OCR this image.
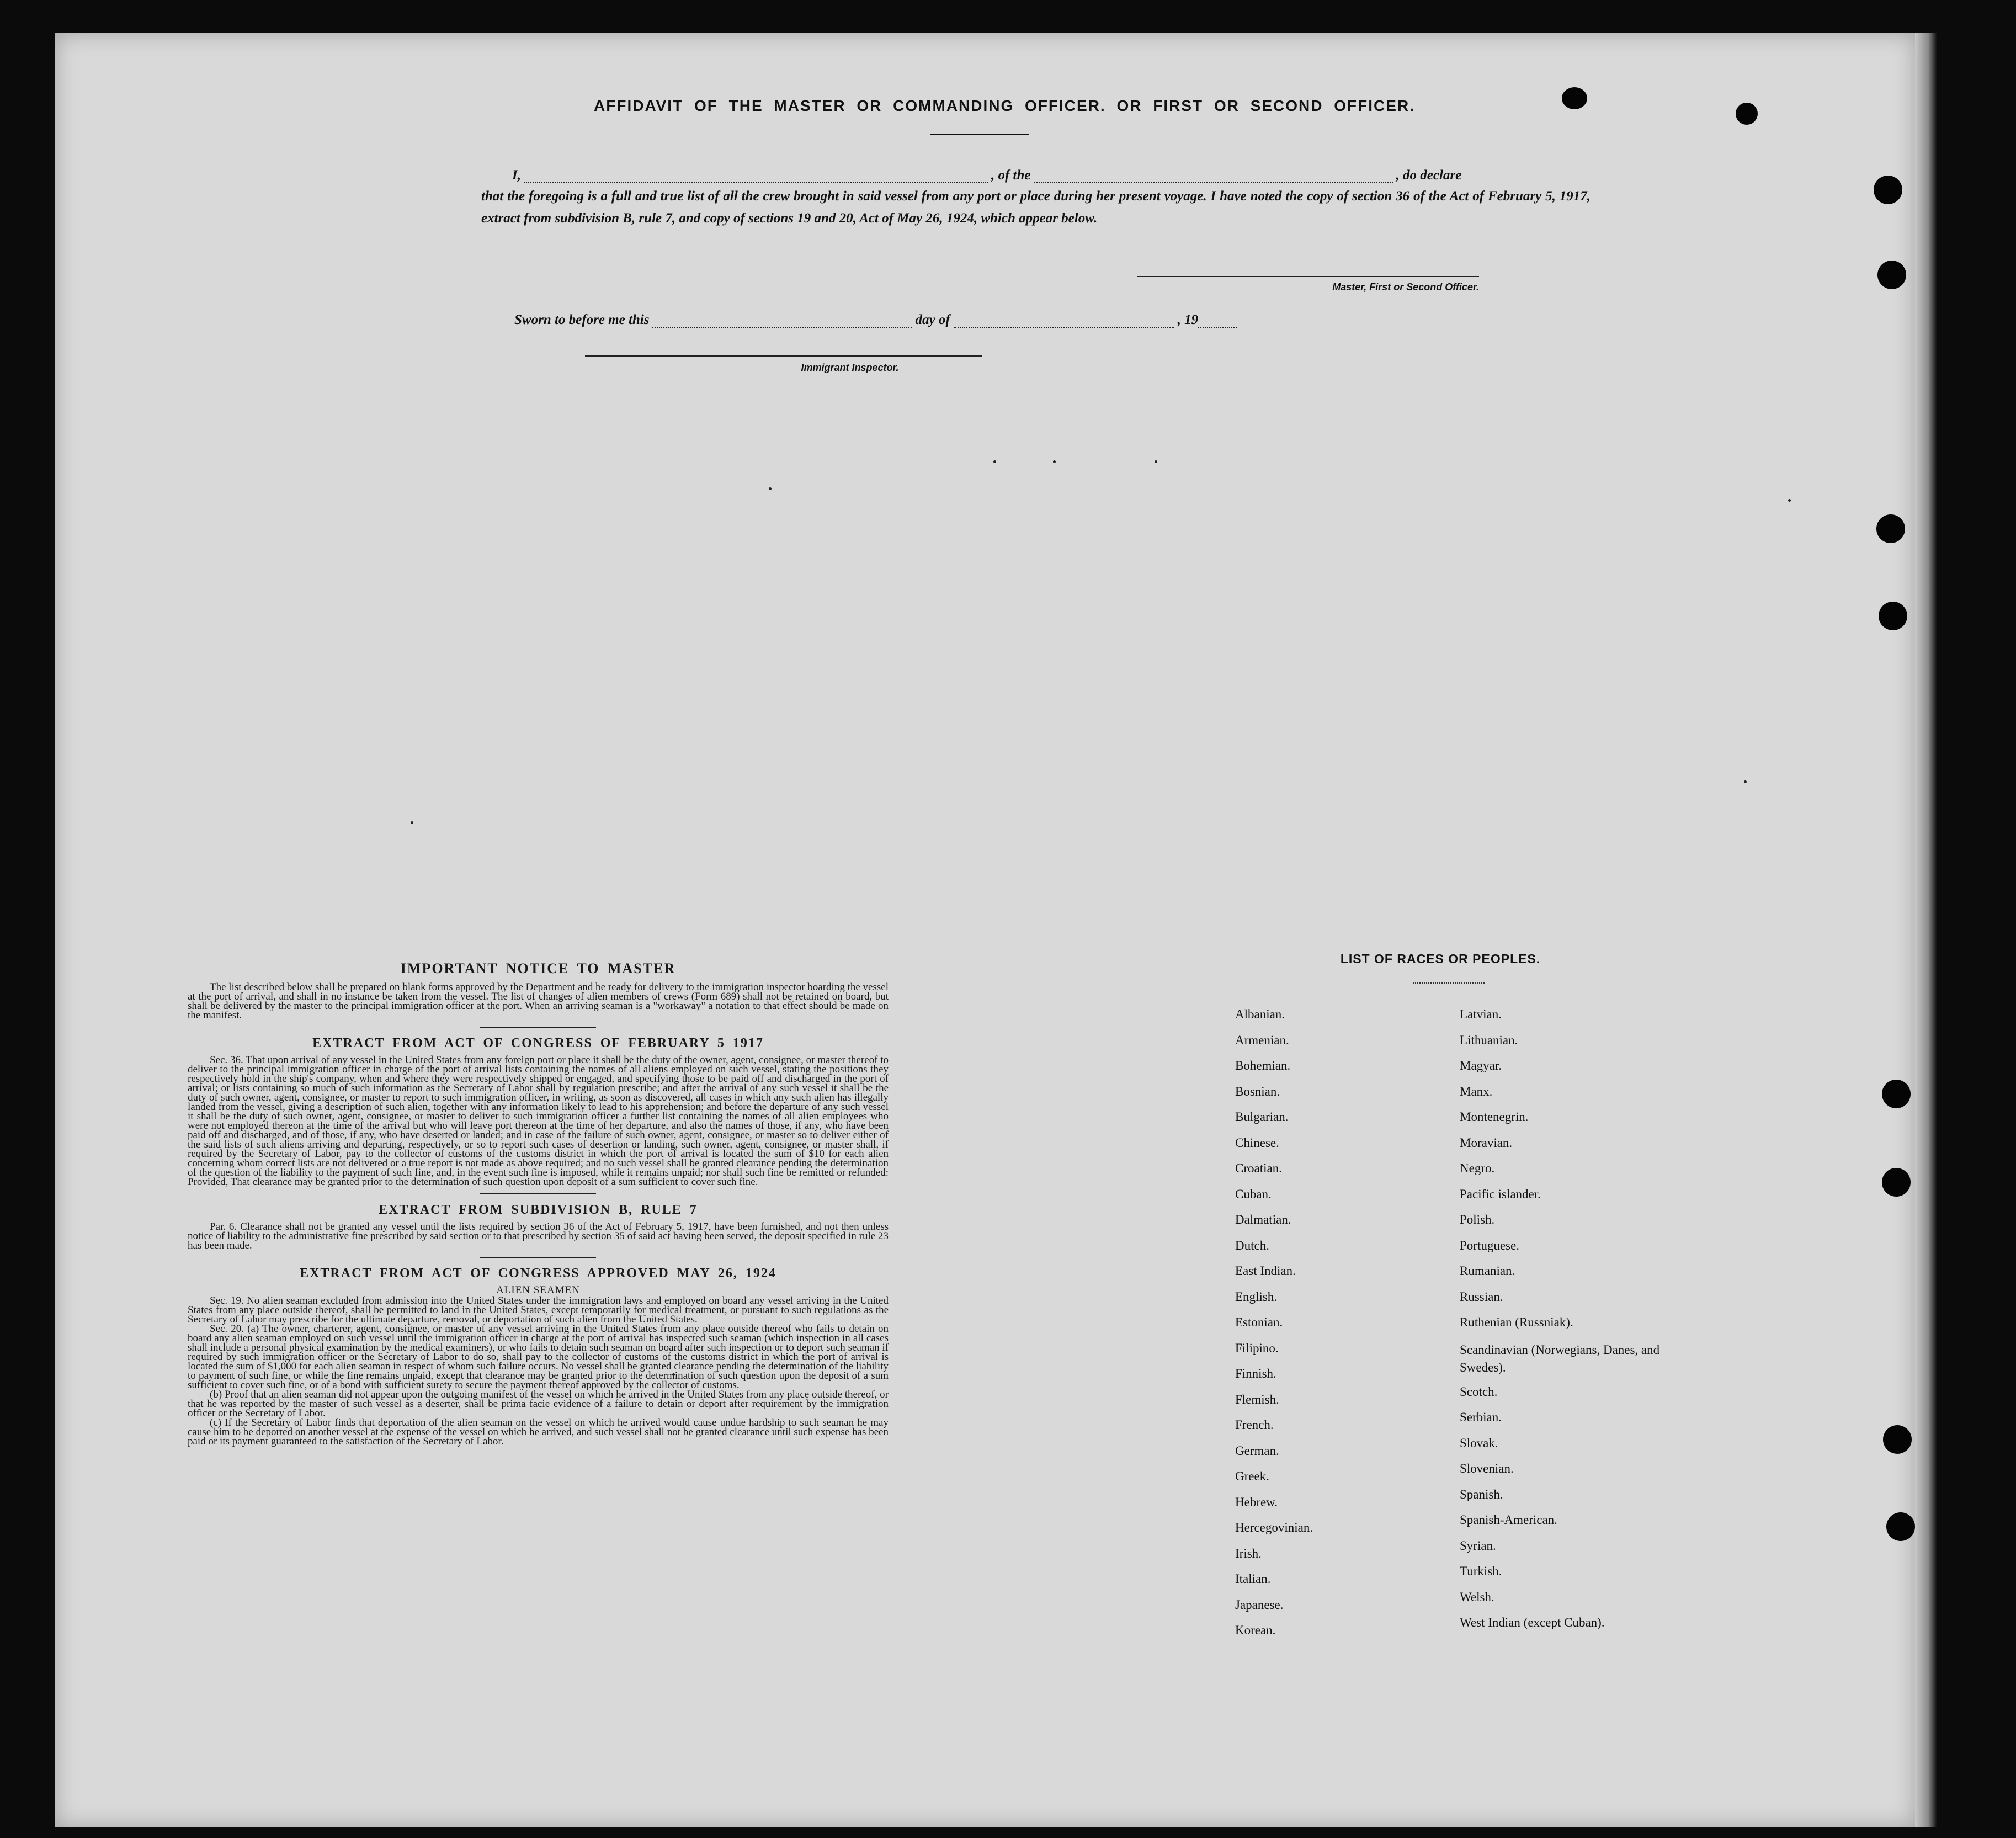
AFFIDAVIT OF THE MASTER OR COMMANDING OFFICER. OR FIRST OR SECOND OFFICER.
I,	, of the	, do declare
that the foregoing is a full and true list of all the crew brought in said vessel from any port or place during her present voyage. I have noted the copy of section 36 of the Act of February 5, 1917, extract from subdivision B, rule 7, and copy of sections 19 and 20, Act of May 26, 1924, which appear below.
Master, First or Second Officer.
Sworn to before me this	day of	, 19
Immigrant Inspector.
IMPORTANT NOTICE TO MASTER

The list described below shall be prepared on blank forms approved by the Department and be ready for delivery to the immigration inspector boarding the vessel at the port of arrival, and shall in no instance be taken from the vessel. The list of changes of alien members of crews (Form 689) shall not be retained on board, but shall be delivered by the master to the principal immigration officer at the port. When an arriving seaman is a "workaway" a notation to that effect should be made on the manifest.

EXTRACT FROM ACT OF CONGRESS OF FEBRUARY 5 1917

Sec. 36. That upon arrival of any vessel in the United States from any foreign port or place it shall be the duty of the owner, agent, consignee, or master thereof to deliver to the principal immigration officer in charge of the port of arrival lists containing the names of all aliens employed on such vessel, stating the positions they respectively hold in the ship's company, when and where they were respectively shipped or engaged, and specifying those to be paid off and discharged in the port of arrival; or lists containing so much of such information as the Secretary of Labor shall by regulation prescribe; and after the arrival of any such vessel it shall be the duty of such owner, agent, consignee, or master to report to such immigration officer, in writing, as soon as discovered, all cases in which any such alien has illegally landed from the vessel, giving a description of such alien, together with any information likely to lead to his apprehension; and before the departure of any such vessel it shall be the duty of such owner, agent, consignee, or master to deliver to such immigration officer a further list containing the names of all alien employees who were not employed thereon at the time of the arrival but who will leave port thereon at the time of her departure, and also the names of those, if any, who have been paid off and discharged, and of those, if any, who have deserted or landed; and in case of the failure of such owner, agent, consignee, or master so to deliver either of the said lists of such aliens arriving and departing, respectively, or so to report such cases of desertion or landing, such owner, agent, consignee, or master shall, if required by the Secretary of Labor, pay to the collector of customs of the customs district in which the port of arrival is located the sum of $10 for each alien concerning whom correct lists are not delivered or a true report is not made as above required; and no such vessel shall be granted clearance pending the determination of the question of the liability to the payment of such fine, and, in the event such fine is imposed, while it remains unpaid; nor shall such fine be remitted or refunded: Provided, That clearance may be granted prior to the determination of such question upon deposit of a sum sufficient to cover such fine.

EXTRACT FROM SUBDIVISION B, RULE 7

Par. 6. Clearance shall not be granted any vessel until the lists required by section 36 of the Act of February 5, 1917, have been furnished, and not then unless notice of liability to the administrative fine prescribed by said section or to that prescribed by section 35 of said act having been served, the deposit specified in rule 23 has been made.

EXTRACT FROM ACT OF CONGRESS APPROVED MAY 26, 1924
ALIEN SEAMEN

Sec. 19. No alien seaman excluded from admission into the United States under the immigration laws and employed on board any vessel arriving in the United States from any place outside thereof, shall be permitted to land in the United States, except temporarily for medical treatment, or pursuant to such regulations as the Secretary of Labor may prescribe for the ultimate departure, removal, or deportation of such alien from the United States.

Sec. 20. (a) The owner, charterer, agent, consignee, or master of any vessel arriving in the United States from any place outside thereof who fails to detain on board any alien seaman employed on such vessel until the immigration officer in charge at the port of arrival has inspected such seaman (which inspection in all cases shall include a personal physical examination by the medical examiners), or who fails to detain such seaman on board after such inspection or to deport such seaman if required by such immigration officer or the Secretary of Labor to do so, shall pay to the collector of customs of the customs district in which the port of arrival is located the sum of $1,000 for each alien seaman in respect of whom such failure occurs. No vessel shall be granted clearance pending the determination of the liability to payment of such fine, or while the fine remains unpaid, except that clearance may be granted prior to the determination of such question upon the deposit of a sum sufficient to cover such fine, or of a bond with sufficient surety to secure the payment thereof approved by the collector of customs.

(b) Proof that an alien seaman did not appear upon the outgoing manifest of the vessel on which he arrived in the United States from any place outside thereof, or that he was reported by the master of such vessel as a deserter, shall be prima facie evidence of a failure to detain or deport after requirement by the immigration officer or the Secretary of Labor.

(c) If the Secretary of Labor finds that deportation of the alien seaman on the vessel on which he arrived would cause undue hardship to such seaman he may cause him to be deported on another vessel at the expense of the vessel on which he arrived, and such vessel shall not be granted clearance until such expense has been paid or its payment guaranteed to the satisfaction of the Secretary of Labor.

LIST OF RACES OR PEOPLES.
Albanian.
Armenian.
Bohemian.
Bosnian.
Bulgarian.
Chinese.
Croatian.
Cuban.
Dalmatian.
Dutch.
East Indian.
English.
Estonian.
Filipino.
Finnish.
Flemish.
French.
German.
Greek.
Hebrew.
Hercegovinian.
Irish.
Italian.
Japanese.
Korean.
Latvian.
Lithuanian.
Magyar.
Manx.
Montenegrin.
Moravian.
Negro.
Pacific islander.
Polish.
Portuguese.
Rumanian.
Russian.
Ruthenian (Russniak).
Scandinavian (Norwegians, Danes, and Swedes).
Scotch.
Serbian.
Slovak.
Slovenian.
Spanish.
Spanish-American.
Syrian.
Turkish.
Welsh.
West Indian (except Cuban).
